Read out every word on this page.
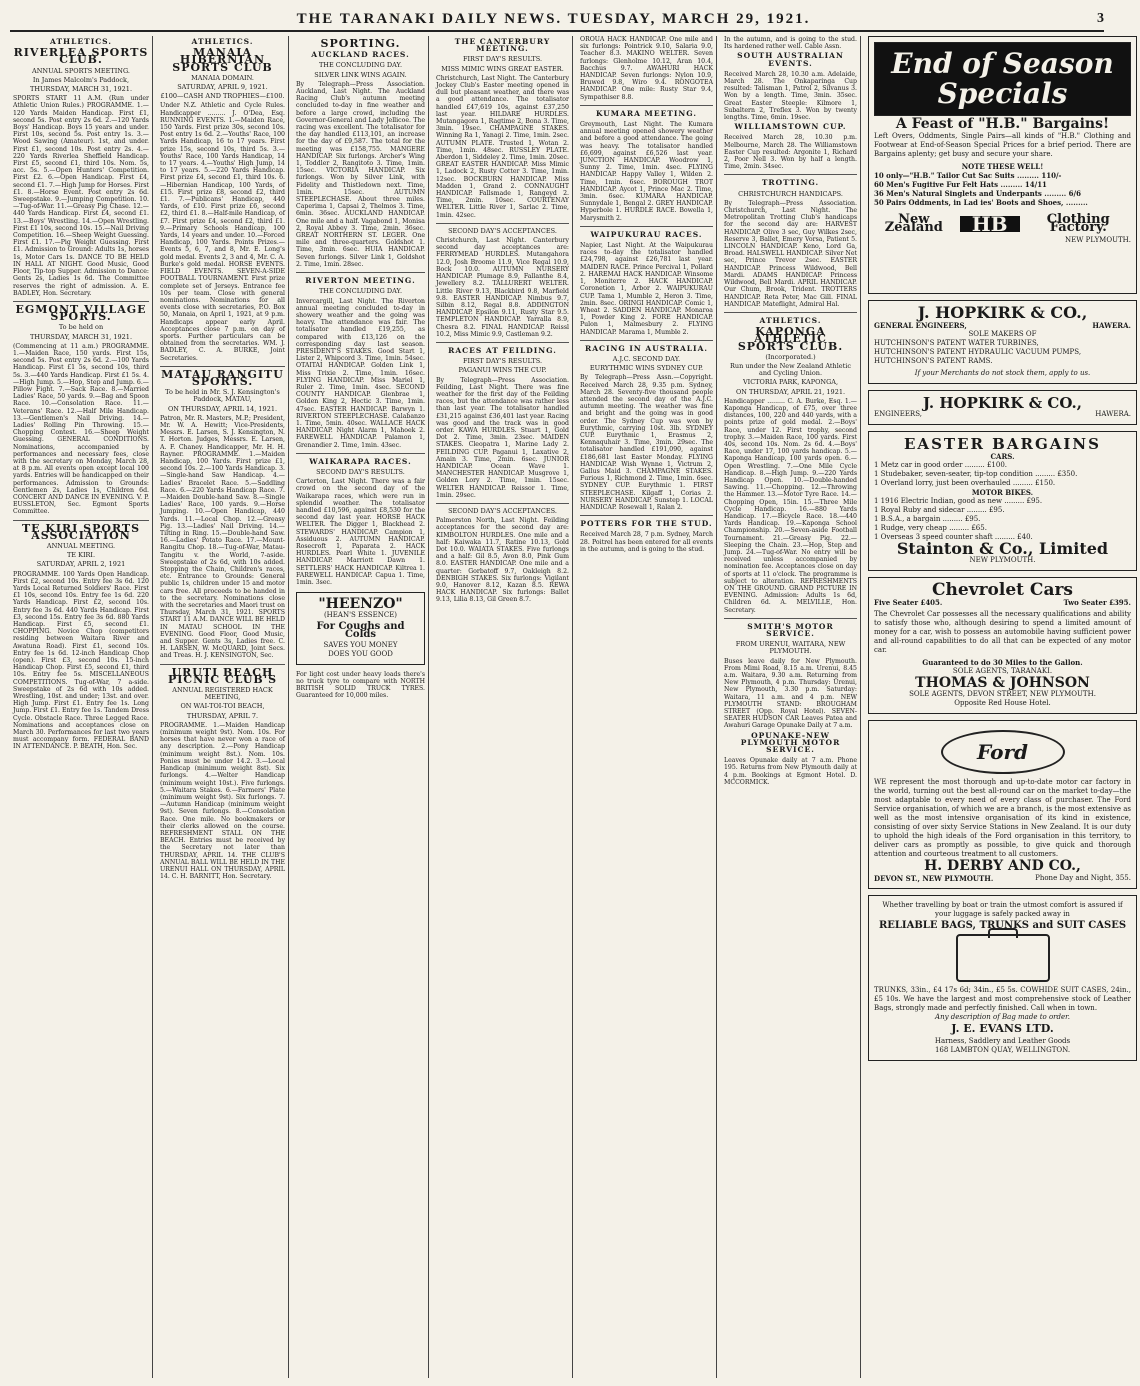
THE TARANAKI DAILY NEWS. TUESDAY, MARCH 29, 1921.	3
ATHLETICS.
RIVERLEA SPORTS CLUB.
ANNUAL SPORTS MEETING.
In James Malcolm's Paddock,
THURSDAY, MARCH 31, 1921.
SPORTS START 11 A.M. (Run under Athletic Union Rules.) PROGRAMME. 1.—120 Yards Maiden Handicap. First £1, second 5s. Post entry 2s 6d. 2.—120 Yards Boys' Handicap. Boys 15 years and under. First 10s, second 5s. Post entry 1s. 3.—Wood Sawing (Amateur). 1st, and under. First £1, second 10s. Post entry 2s. 4.—220 Yards Riverlea Sheffield Handicap. First £5, second £1, third 10s. Nom. 5s, acc. 5s. 5.—Open Hunters' Competition. First £2. 6.—Open Handicap. First £4, second £1. 7.—High Jump for Horses. First £1. 8.—Horse Event. Post entry 2s 6d. Sweepstake. 9.—Jumping Competition. 10.—Tug-of-War. 11.—Greasy Pig Chase. 12.—440 Yards Handicap. First £4, second £1. 13.—Boys' Wrestling. 14.—Open Wrestling. First £1 10s, second 10s. 15.—Nail Driving Competition. 16.—Sheep Weight Guessing. First £1. 17.—Pig Weight Guessing. First £1. Admission to Ground: Adults 1s, horses 1s, Motor Cars 1s. DANCE TO BE HELD IN HALL AT NIGHT. Good Music, Good Floor, Tip-top Supper. Admission to Dance: Gents 2s, Ladies 1s 6d. The Committee reserves the right of admission. A. E. BADLEY, Hon. Secretary.
EGMONT VILLAGE SPORTS.
To be held on
THURSDAY, MARCH 31, 1921.
(Commencing at 11 a.m.) PROGRAMME. 1.—Maiden Race, 150 yards. First 15s, second 5s. Post entry 2s 6d. 2.—100 Yards Handicap. First £1 5s, second 10s, third 5s. 3.—440 Yards Handicap. First £1 5s. 4.—High Jump. 5.—Hop, Step and Jump. 6.—Pillow Fight. 7.—Sack Race. 8.—Married Ladies' Race, 50 yards. 9.—Bag and Spoon Race. 10.—Consolation Race. 11.—Veterans' Race. 12.—Half Mile Handicap. 13.—Gentlemen's Nail Driving. 14.—Ladies' Rolling Pin Throwing. 15.—Chopping Contest. 16.—Sheep Weight Guessing. GENERAL CONDITIONS. Nominations, accompanied by performances and necessary fees, close with the secretary on Monday, March 28, at 8 p.m. All events open except local 100 yards. Entries will be handicapped on their performances. Admission to Grounds: Gentlemen 2s, Ladies 1s, Children 6d. CONCERT AND DANCE IN EVENING. V. P. EUSSLETON, Sec. Egmont Sports Committee.
TE KIRI SPORTS ASSOCIATION
ANNUAL MEETING.
TE KIRI.
SATURDAY, APRIL 2, 1921
PROGRAMME. 100 Yards Open Handicap. First £2, second 10s. Entry fee 3s 6d. 120 Yards Local Returned Soldiers' Race. First £1 10s, second 10s. Entry fee 1s 6d. 220 Yards Handicap. First £2, second 10s. Entry fee 3s 6d. 440 Yards Handicap. First £3, second 15s. Entry fee 3s 6d. 880 Yards Handicap. First £5, second £1. CHOPPING. Novice Chop (competitors residing between Waitara River and Awatuna Road). First £1, second 10s. Entry fee 1s 6d. 12-inch Handicap Chop (open). First £3, second 10s. 15-inch Handicap Chop. First £5, second £1, third 10s. Entry fee 5s. MISCELLANEOUS COMPETITIONS. Tug-of-War, 7 a-side. Sweepstake of 2s 6d with 10s added. Wrestling, 10st. and under; 13st. and over. High Jump. First £1. Entry fee 1s. Long Jump. First £1. Entry fee 1s. Tandem Dress Cycle. Obstacle Race. Three Legged Race. Nominations and acceptances close on March 30. Performances for last two years must accompany form. FEDERAL BAND IN ATTENDANCE. P. BEATH, Hon. Sec.
ATHLETICS.
MANAIA HIBERNIAN SPORTS CLUB
MANAIA DOMAIN.
SATURDAY, APRIL 9, 1921.
£100—CASH AND TROPHIES—£100.
Under N.Z. Athletic and Cycle Rules. Handicapper ......... J. O'Dea, Esq. RUNNING EVENTS. 1.—Maiden Race, 150 Yards. First prize 30s, second 10s. Post entry 1s 6d. 2.—Youths' Race, 100 Yards Handicap, 16 to 17 years. First prize 15s, second 10s, third 5s. 3.—Youths' Race, 100 Yards Handicap, 14 to 17 years. 4.—Youths' High Jump, 14 to 17 years. 5.—220 Yards Handicap. First prize £4, second £1, third 10s. 6.—Hibernian Handicap, 100 Yards, of £15. First prize £8, second £2, third £1. 7.—Publicans' Handicap, 440 Yards, of £10. First prize £6, second £2, third £1. 8.—Half-mile Handicap, of £7. First prize £4, second £2, third £1. 9.—Primary Schools Handicap, 100 Yards, 14 years and under. 10.—Forced Handicap, 100 Yards. Points Prizes.—Events 5, 6, 7, and 8, Mr. E. Long's gold medal. Events 2, 3 and 4, Mr. C. A. Burke's gold medal. HORSE EVENTS. FIELD EVENTS. SEVEN-A-SIDE FOOTBALL TOURNAMENT. First prize complete set of Jerseys. Entrance fee 10s per team. Close with general nominations. Nominations for all events close with secretaries, P.O. Box 50, Manaia, on April 1, 1921, at 9 p.m. Handicaps appear early April. Acceptances close 7 p.m. on day of sports. Further particulars can be obtained from the secretaries. WM. J. BADLEY, C. A. BURKE, Joint Secretaries.
MATAU RANGITU SPORTS.
To be held in Mr. S. J. Kensington's Paddock, MATAU,
ON THURSDAY, APRIL 14, 1921.
Patron, Mr. R. Masters, M.P.; President, Mr. W. A. Hewitt; Vice-Presidents, Messrs. E. Larsen, S. J. Kensington, N. T. Horton. Judges, Messrs. E. Larsen, A. F. Chaney. Handicapper, Mr. H. H. Rayner. PROGRAMME. 1.—Maiden Handicap, 100 Yards. First prize £1, second 10s. 2.—100 Yards Handicap. 3.—Single-hand Saw Handicap. 4.—Ladies' Bracelet Race. 5.—Saddling Race. 6.—220 Yards Handicap Race. 7.—Maiden Double-hand Saw. 8.—Single Ladies' Race, 100 yards. 9.—Horse Jumping. 10.—Open Handicap, 440 Yards. 11.—Local Chop. 12.—Greasy Pig. 13.—Ladies' Nail Driving. 14.—Tilting in Ring. 15.—Double-hand Saw. 16.—Ladies' Potato Race. 17.—Mount-Rangitu Chop. 18.—Tug-of-War, Matau-Tangitu v. the World, 7-aside. Sweepstake of 2s 6d, with 10s added. Stopping the Chain, Children's races, etc. Entrance to Grounds: General public 1s, children under 15 and motor cars free. All proceeds to be handed in to the secretary. Nominations close with the secretaries and Maori trust on Thursday, March 31, 1921. SPORTS START 11 A.M. DANCE WILL BE HELD IN MATAU SCHOOL IN THE EVENING. Good Floor, Good Music, and Supper. Gents 3s, Ladies free. C. H. LARSEN, W. McQUARD, Joint Secs. and Treas. H. J. KENSINGTON, Sec.
URUTI BEACH PICNIC CLUB'S
ANNUAL REGISTERED HACK MEETING,
ON WAI-TOI-TOI BEACH,
THURSDAY, APRIL 7.
PROGRAMME. 1.—Maiden Handicap (minimum weight 9st). Nom. 10s. For horses that have never won a race of any description. 2.—Pony Handicap (minimum weight 8st.). Nom. 10s. Ponies must be under 14.2. 3.—Local Handicap (minimum weight 8st). Six furlongs. 4.—Welter Handicap (minimum weight 10st.). Five furlongs. 5.—Waitara Stakes. 6.—Farmers' Plate (minimum weight 9st). Six furlongs. 7.—Autumn Handicap (minimum weight 9st). Seven furlongs. 8.—Consolation Race. One mile. No bookmakers or their clerks allowed on the course. REFRESHMENT STALL ON THE BEACH. Entries must be received by the Secretary not later than THURSDAY, APRIL 14. THE CLUB'S ANNUAL BALL WILL BE HELD IN THE URENUI HALL ON THURSDAY, APRIL 14. C. H. BARNITT, Hon. Secretary.
SPORTING.
AUCKLAND RACES.
THE CONCLUDING DAY.
SILVER LINK WINS AGAIN.
By Telegraph—Press Association. Auckland, Last Night. The Auckland Racing Club's autumn meeting concluded to-day in fine weather and before a large crowd, including the Governor-General and Lady Jellicoe. The racing was excellent. The totalisator for the day handled £113,101, an increase for the day of £9,587. The total for the meeting was £158,755. MANGERE HANDICAP. Six furlongs. Archer's Wing 1, Toddler 2, Rangitoto 3. Time, 1min. 15sec. VICTORIA HANDICAP. Six furlongs. Won by Silver Link, with Fidelity and Thistledown next. Time, 1min. 15sec. AUTUMN STEEPLECHASE. About three miles. Caperima 1, Capsai 2, Thelmos 3. Time, 6min. 36sec. AUCKLAND HANDICAP. One mile and a half. Vagabond 1, Monisa 2, Royal Abbey 3. Time, 2min. 36sec. GREAT NORTHERN ST. LEGER. One mile and three-quarters. Goldshot 1. Time, 3min. 6sec. HUIA HANDICAP. Seven furlongs. Silver Link 1, Goldshot 2. Time, 1min. 28sec.
RIVERTON MEETING.
THE CONCLUDING DAY.
Invercargill, Last Night. The Riverton annual meeting concluded to-day in showery weather and the going was heavy. The attendance was fair. The totalisator handled £19,255, as compared with £13,126 on the corresponding day last season. PRESIDENT'S STAKES. Good Start 1, Lister 2, Whipcord 3. Time, 1min. 54sec. OTAITAI HANDICAP. Golden Link 1, Miss Trixie 2. Time, 1min. 16sec. FLYING HANDICAP. Miss Mariel 1, Ruler 2. Time, 1min. 4sec. SECOND COUNTY HANDICAP. Glenbrae 1, Golden King 2, Hectic 3. Time, 1min. 47sec. EASTER HANDICAP. Barwyn 1. RIVERTON STEEPLECHASE. Calabanzo 1. Time, 5min. 40sec. WALLACE HACK HANDICAP. Night Alarm 1, Mahoek 2. FAREWELL HANDICAP. Palamon 1, Grenandier 2. Time, 1min. 43sec.
WAIKARAPA RACES.
SECOND DAY'S RESULTS.
Carterton, Last Night. There was a fair crowd on the second day of the Waikarapa races, which were run in splendid weather. The totalisator handled £10,596, against £8,530 for the second day last year. HORSE HACK WELTER. The Digger 1, Blackhead 2. STEWARDS' HANDICAP. Campion 1, Assiduous 2. AUTUMN HANDICAP. Rosecroft 1, Paparata 2. HACK HURDLES. Pearl White 1. JUVENILE HANDICAP. Marriott Dawn 1. SETTLERS' HACK HANDICAP. Kiltrea 1. FAREWELL HANDICAP. Capua 1. Time, 1min. 3sec.
"HEENZO"
(HEAN'S ESSENCE)
For Coughs and Colds
SAVES YOU MONEY
DOES YOU GOOD
For light cost under heavy loads there's no truck tyre to compare with NORTH BRITISH SOLID TRUCK TYRES. Guaranteed for 10,000 miles.
THE CANTERBURY MEETING.
FIRST DAY'S RESULTS.
MISS MIMIC WINS GREAT EASTER.
Christchurch, Last Night. The Canterbury Jockey Club's Easter meeting opened in dull but pleasant weather, and there was a good attendance. The totalisator handled £47,619 10s, against £37,250 last year. HILDARE HURDLES. Mutangagora 1, Ragtime 2, Bona 3. Time, 3min. 19sec. CHAMPAGNE STAKES. Winning Ra 1, Yanagi 2. Time, 1min. 2sec. AUTUMN PLATE. Trusted 1, Wotan 2. Time, 1min. 48sec. RUSSLEY PLATE. Aberdon 1, Siddeley 2. Time, 1min. 20sec. GREAT EASTER HANDICAP. Miss Mimic 1, Ladock 2, Rusty Cotter 3. Time, 1min. 12sec. BOCKBURN HANDICAP. Miss Madden 1, Grand 2. CONNAUGHT HANDICAP. Fallsmade 1, Rangeyd 2. Time, 2min. 10sec. COURTENAY WELTER. Little River 1, Sarlac 2. Time, 1min. 42sec.
SECOND DAY'S ACCEPTANCES.
Christchurch, Last Night. Canterbury second day acceptances are: FERRYMEAD HURDLES. Mutangahora 12.0, Josh Broome 11.9, Vice Regal 10.9, Bock 10.0. AUTUMN NURSERY HANDICAP. Plumage 8.9, Fallanthe 8.4, Jewellery 8.2. TALLURERT WELTER. Little River 9.13, Blackbird 9.8, Marfield 9.8. EASTER HANDICAP. Nimbus 9.7, Silbin 8.12, Regal 8.8. ADDINGTON HANDICAP. Epsilon 9.11, Rusty Star 9.5. TEMPLETON HANDICAP. Yarralla 8.9, Chesra 8.2. FINAL HANDICAP. Reissl 10.2, Miss Mimic 9.9, Castleman 9.2.
RACES AT FEILDING.
FIRST DAY'S RESULTS.
PAGANUI WINS THE CUP.
By Telegraph—Press Association. Feilding, Last Night. There was fine weather for the first day of the Feilding races, but the attendance was rather less than last year. The totalisator handled £31,215 against £36,401 last year. Racing was good and the track was in good order. KAWA HURDLES. Stuart 1, Gold Dot 2. Time, 3min. 23sec. MAIDEN STAKES. Cleopatra 1, Marine Lady 2. FEILDING CUP. Paganui 1, Laxative 2, Amain 3. Time, 2min. 6sec. JUNIOR HANDICAP. Ocean Wave 1. MANCHESTER HANDICAP. Musgrove 1, Golden Lory 2. Time, 1min. 15sec. WELTER HANDICAP. Reissor 1. Time, 1min. 29sec.
SECOND DAY'S ACCEPTANCES.
Palmerston North, Last Night. Feilding acceptances for the second day are: KIMBOLTON HURDLES. One mile and a half: Kaiwaka 11.7, Ratine 10.13, Gold Dot 10.0. WAIATA STAKES. Five furlongs and a half: Gil 8.5, Avon 8.0, Pink Gum 8.0. EASTER HANDICAP. One mile and a quarter: Gorbatoff 9.7, Oakleigh 8.2. DENBIGH STAKES. Six furlongs: Vigilant 9.0, Hanover 8.12, Kazan 8.5. REWA HACK HANDICAP. Six furlongs: Ballet 9.13, Lilia 8.13, Gil Green 8.7.
OROUA HACK HANDICAP. One mile and six furlongs: Pointrick 9.10, Salaria 9.0, Teacher 8.3. MAKINO WELTER. Seven furlongs: Glenholme 10.12, Aran 10.4, Bacchus 9.7. AWAHURI HACK HANDICAP. Seven furlongs: Nylon 10.9, Bruwed 9.8, Wiro 9.4. RONGOTEA HANDICAP. One mile: Rusty Star 9.4, Sympathiser 8.8.
KUMARA MEETING.
Greymouth, Last Night. The Kumara annual meeting opened showery weather and before a good attendance. The going was heavy. The totalisator handled £6,699, against £6,526 last year. JUNCTION HANDICAP. Woodrow 1, Sunny 2. Time, 1min. 4sec. FLYING HANDICAP. Happy Valley 1, Wilden 2. Time, 1min. 6sec. BOROUGH TROT HANDICAP. Aycot 1, Prince Mac 2. Time, 3min. 6sec. KUMARA HANDICAP. Sunnydale 1, Bengal 2. GREY HANDICAP. Hyperbole 1. HURDLE RACE. Bowella 1, Marysmith 2.
WAIPUKURAU RACES.
Napier, Last Night. At the Waipukurau races to-day the totalisator handled £24,798, against £26,781 last year. MAIDEN RACE. Prince Percival 1, Pollard 2. HAREMAI HACK HANDICAP. Winsome 1, Moniterre 2. HACK HANDICAP. Coronetion 1, Arbor 2. WAIPUKURAU CUP. Tama 1, Mumble 2, Heron 3. Time, 2min. 8sec. ORINGI HANDICAP. Comic 1, Wheat 2. SADDEN HANDICAP. Monaroa 1, Powder King 2. FORE HANDICAP. Pulon 1, Malmesbury 2. FLYING HANDICAP. Marama 1, Mumble 2.
RACING IN AUSTRALIA.
A.J.C. SECOND DAY.
EURYTHMIC WINS SYDNEY CUP.
By Telegraph—Press Assn.—Copyright. Received March 28, 9.35 p.m. Sydney, March 28. Seventy-five thousand people attended the second day of the A.J.C. autumn meeting. The weather was fine and bright and the going was in good order. The Sydney Cup was won by Eurythmic, carrying 10st. 3lb. SYDNEY CUP. Eurythmic 1, Erasmus 2, Kennaquhair 3. Time, 3min. 29sec. The totalisator handled £191,090, against £186,681 last Easter Monday. FLYING HANDICAP. Wish Wynne 1, Victrum 2, Gallus Maid 3. CHAMPAGNE STAKES. Furious 1, Richmond 2. Time, 1min. 6sec. SYDNEY CUP. Eurythmic 1. FIRST STEEPLECHASE. Kilgaff 1, Corias 2. NURSERY HANDICAP. Sunstep 1. LOCAL HANDICAP. Rosewall 1, Ralan 2.
POTTERS FOR THE STUD.
Received March 28, 7 p.m. Sydney, March 28. Poitrel has been entered for all events in the autumn, and is going to the stud.
In the autumn, and is going to the stud. Its hardened rather well. Cable Assn.
SOUTH AUSTRALIAN EVENTS.
Received March 28, 10.30 a.m. Adelaide, March 28. The Onkaparinga Cup resulted: Talisman 1, Patrol 2, Silvanus 3. Won by a length. Time, 3min. 35sec. Great Easter Steeple: Kilmore 1, Subaltern 2, Treflex 3. Won by twenty lengths. Time, 6min. 19sec.
WILLIAMSTOWN CUP.
Received March 28, 10.30 p.m. Melbourne, March 28. The Williamstown Easter Cup resulted: Argonite 1, Richard 2, Poor Nell 3. Won by half a length. Time, 2min. 34sec.
TROTTING.
CHRISTCHURCH HANDICAPS.
By Telegraph—Press Association. Christchurch, Last Night. The Metropolitan Trotting Club's handicaps for the second day are: HARVEST HANDICAP. Olive 3 sec, Guy Wilkes 2sec, Reserve 3, Ballet, Emery Vorsa, Patient 5. LINCOLN HANDICAP. Keno, Lord Ga, Broad. HALSWELL HANDICAP. Silver Net sec, Prince Trevor 2sec. EASTER HANDICAP. Princess Wildwood, Bell Mardi. ADAMS HANDICAP. Princess Wildwood, Bell Mardi. APRIL HANDICAP. Our Chum, Brook, Trident. TROTTERS HANDICAP. Reta Peter, Mac Gill. FINAL HANDICAP. Mateflight, Admiral Hal.
ATHLETICS.
KAPONGA ATHLETIC SPORTS CLUB.
(Incorporated.)
Run under the New Zealand Athletic and Cycling Union.
VICTORIA PARK, KAPONGA,
ON THURSDAY, APRIL 21, 1921.
Handicapper ......... C. A. Burke, Esq. 1.—Kaponga Handicap, of £75, over three distances, 100, 220 and 440 yards, with a points prize of gold medal. 2.—Boys' Race, under 12. First trophy, second trophy. 3.—Maiden Race, 100 yards. First 40s, second 10s. Nom. 2s 6d. 4.—Boys' Race, under 17, 100 yards handicap. 5.—Kaponga Handicap, 100 yards open. 6.—Open Wrestling. 7.—One Mile Cycle Handicap. 8.—High Jump. 9.—220 Yards Handicap Open. 10.—Double-handed Sawing. 11.—Chopping. 12.—Throwing the Hammer. 13.—Motor Tyre Race. 14.—Chopping Open, 15in. 15.—Three Mile Cycle Handicap. 16.—880 Yards Handicap. 17.—Bicycle Race. 18.—440 Yards Handicap. 19.—Kaponga School Championship. 20.—Seven-aside Football Tournament. 21.—Greasy Pig. 22.—Sleeping the Chain. 23.—Hop, Step and Jump. 24.—Tug-of-War. No entry will be received unless accompanied by nomination fee. Acceptances close on day of sports at 11 o'clock. The programme is subject to alteration. REFRESHMENTS ON THE GROUND. GRAND PICTURE IN EVENING. Admission: Adults 1s 6d, Children 6d. A. MELVILLE, Hon. Secretary.
SMITH'S MOTOR SERVICE.
FROM URENUI, WAITARA, NEW PLYMOUTH.
Buses leave daily for New Plymouth. From Mimi Road, 8.15 a.m. Urenui, 8.45 a.m. Waitara, 9.30 a.m. Returning from New Plymouth, 4 p.m. Thursday: Urenui, New Plymouth, 3.30 p.m. Saturday: Waitara, 11 a.m. and 4 p.m. NEW PLYMOUTH STAND: BROUGHAM STREET (Opp. Royal Hotel). SEVEN-SEATER HUDSON CAR Leaves Patea and Awahuri Garage Opunake Daily at 7 a.m.
OPUNAKE-NEW PLYMOUTH MOTOR SERVICE.
Leaves Opunake daily at 7 a.m. Phone 195. Returns from New Plymouth daily at 4 p.m. Bookings at Egmont Hotel. D. MCCORMICK.
End of Season
Specials
A Feast of "H.B." Bargains!
Left Overs, Oddments, Single Pairs—all kinds of "H.B." Clothing and Footwear at End-of-Season Special Prices for a brief period. There are Bargains aplenty; get busy and secure your share.
NOTE THESE WELL!
10 only—"H.B." Tailor Cut Sac Suits ......... 110/-
60 Men's Fugitive Fur Felt Hats ......... 14/11
36 Men's Natural Singlets and Underpants ......... 6/6
50 Pairs Oddments, in Lad ies' Boots and Shoes, .........
New Zealand	HB	Clothing Factory.
NEW PLYMOUTH.
J. HOPKIRK & CO.,
GENERAL ENGINEERS,	HAWERA.
SOLE MAKERS OF
HUTCHINSON'S PATENT WATER TURBINES,
HUTCHINSON'S PATENT HYDRAULIC VACUUM PUMPS,
HUTCHINSON'S PATENT RAMS.
If your Merchants do not stock them, apply to us.
J. HOPKIRK & CO.,
ENGINEERS,	HAWERA.
EASTER BARGAINS
CARS.
1 Metz car in good order ......... £100.
1 Studebaker, seven-seater, tip-top condition ......... £350.
1 Overland lorry, just been overhauled ......... £150.
MOTOR BIKES.
1 1916 Electric Indian, good as new ......... £95.
1 Royal Ruby and sidecar ......... £95.
1 B.S.A., a bargain ......... £95.
1 Rudge, very cheap ......... £65.
1 Overseas 3 speed counter shaft ......... £40.
Stainton & Co., Limited
NEW PLYMOUTH.
Chevrolet Cars
Five Seater £405.	Two Seater £395.
The Chevrolet Car possesses all the necessary qualifications and ability to satisfy those who, although desiring to spend a limited amount of money for a car, wish to possess an automobile having sufficient power and all-round capabilities to do all that can be expected of any motor car.
Guaranteed to do 30 Miles to the Gallon.
SOLE AGENTS, TARANAKI.
THOMAS & JOHNSON
SOLE AGENTS, DEVON STREET, NEW PLYMOUTH.
Opposite Red House Hotel.
Ford
WE represent the most thorough and up-to-date motor car factory in the world, turning out the best all-round car on the market to-day—the most adaptable to every need of every class of purchaser. The Ford Service organisation, of which we are a branch, is the most extensive as well as the most intensive organisation of its kind in existence, consisting of over sixty Service Stations in New Zealand. It is our duty to uphold the high ideals of the Ford organisation in this territory, to deliver cars as promptly as possible, to give quick and thorough attention and courteous treatment to all customers.
H. DERBY AND CO.,
DEVON ST., NEW PLYMOUTH.	Phone Day and Night, 355.
Whether travelling by boat or train the utmost comfort is assured if your luggage is safely packed away in
RELIABLE BAGS, TRUNKS and SUIT CASES
TRUNKS, 33in., £4 17s 6d; 34in., £5 5s. COWHIDE SUIT CASES, 24in., £5 10s. We have the largest and most comprehensive stock of Leather Bags, strongly made and perfectly finished. Call when in town.
Any description of Bag made to order.
J. E. EVANS LTD.
Harness, Saddlery and Leather Goods
168 LAMBTON QUAY, WELLINGTON.
